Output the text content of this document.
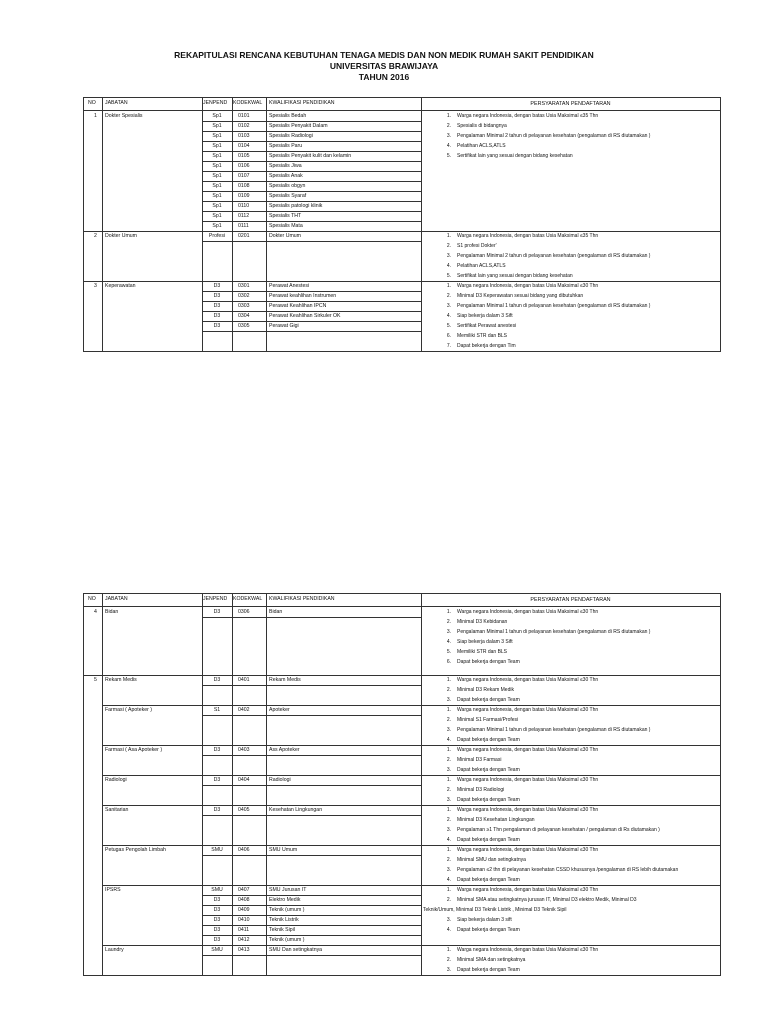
REKAPITULASI RENCANA KEBUTUHAN TENAGA MEDIS DAN NON MEDIK RUMAH SAKIT PENDIDIKAN
UNIVERSITAS BRAWIJAYA
TAHUN 2016
NO JABATAN	JENPEND KODEKWAL KWALIFIKASI PENDIDIKAN	PERSYARATAN PENDAFTARAN
1 Dokter Spesialis	Sp1	0101	Spesialis Bedah
Sp1	0102	Spesialis Penyakit Dalam
Sp1	0103	Spesialis Radiologi
Sp1	0104	Spesialis Paru
Sp1	0105	Spesialis Penyakit kulit dan kelamin
Sp1	0106	Spesialis Jiwa
Sp1	0107	Spesialis Anak
Sp1	0108	Spesialis obgyn
Sp1	0109	Spesialis Syaraf
Sp1	0110	Spesialis patologi klinik
Sp1	0112	Spesialis THT
Sp1	0111	Spesialis Mata
1. Warga negara Indonesia, dengan batas Usia Maksimal ≤35 Thn
2. Spesialis di bidangnya
3. Pengalaman Minimal 2 tahun di pelayanan kesehatan (pengalaman di RS diutamakan )
4. Pelatihan ACLS,ATLS
5. Sertifikat lain yang sesuai dengan bidang kesehatan
2 Dokter Umum	Profesi	0201	Dokter Umum	1. Warga negara Indonesia, dengan batas Usia Maksimal ≤35 Thn
2. S1 profesi Dokter'
3. Pengalaman Minimal 2 tahun di pelayanan kesehatan (pengalaman di RS diutamakan )
4. Pelatihan ACLS,ATLS
5. Sertifikat lain yang sesuai dengan bidang kesehatan
3 Keperawatan	D3	0301	Perawat Anestesi
D3	0302	Perawat keahlihan Instrumen
D3	0303	Perawat Keahlihan IPCN
D3	0304	Perawat Keahlihan Sirkuler OK
D3	0305	Perawat Gigi
1. Warga negara Indonesia, dengan batas Usia Maksimal ≤30 Thn
2. Minimal D3 Keperawatan sesuai bidang yang dibutuhkan
3. Pengalaman Minimal 1 tahun di pelayanan kesehatan (pengalaman di RS diutamakan )
4. Siap bekerja dalam 3 Sift
5. Sertifikat Perawat anestesi
6. Memiliki STR dan BLS
7. Dapat bekerja dengan Tim
NO JABATAN	JENPEND KODEKWAL KWALIFIKASI PENDIDIKAN	PERSYARATAN PENDAFTARAN
4 Bidan	D3	0306	Bidan	1. Warga negara Indonesia, dengan batas Usia Maksimal ≤30 Thn
2. Minimal D3 Kebidanan
3. Pengalaman Minimal 1 tahun di pelayanan kesehatan (pengalaman di RS diutamakan )
4. Siap bekerja dalam 3 Sift
5. Memiliki STR dan BLS
6. Dapat bekerja dengan Team
5 Rekam Medis	D3	0401	Rekam Medis	1. Warga negara Indonesia, dengan batas Usia Maksimal ≤30 Thn
2. Minimal D3 Rekam Medik
3. Dapat bekerja dengan Team
Farmasi ( Apoteker )	S1	0402	Apoteker	1. Warga negara Indonesia, dengan batas Usia Maksimal ≤30 Thn
2. Minimal S1 Farmasi/Profesi
3. Pengalaman Minimal 1 tahun di pelayanan kesehatan (pengalaman di RS diutamakan )
4. Dapat bekerja dengan Team
Farmasi ( Asa Apoteker )	D3	0403	Ass Apoteker	1. Warga negara Indonesia, dengan batas Usia Maksimal ≤30 Thn
2. Minimal D3 Farmasi
3. Dapat bekerja dengan Team
Radiologi	D3	0404	Radiologi	1. Warga negara Indonesia, dengan batas Usia Maksimal ≤30 Thn
2. Minimal D3 Radiologi
3. Dapat bekerja dengan Team
Sanitarian	D3	0405	Kesehatan Lingkungan	1. Warga negara Indonesia, dengan batas Usia Maksimal ≤30 Thn
2. Minimal D3 Kesehatan Lingkungan
3. Pengalaman ≥1 Thn pengalaman di pelayanan kesehatan / pengalaman di Rs diutamakan )
4. Dapat bekerja dengan Team
Petugas Pengolah Limbah	SMU	0406	SMU Umum	1. Warga negara Indonesia, dengan batas Usia Maksimal ≤30 Thn
2. Minimal SMU dan setingkatnya
3. Pengalaman ≤2 thn di pelayanan kesehatan CSSD khususnya /pengalaman di RS lebih diutamakan
4. Dapat bekerja dengan Team
IPSRS	SMU	0407	SMU Jurusan IT
D3	0408	Elektro Medik
D3	0409	Teknik (umum )
D3	0410	Teknik Listrik
D3	0411	Teknik Sipil
D3	0412	Teknik (umum )
1. Warga negara Indonesia, dengan batas Usia Maksimal ≤30 Thn
2. Minimal SMA atau setingkatnya jurusan IT, Minimal D3 elektro Medik, Minimal D3
Teknik/Umum, Minimal D3 Teknik Listrik , Minimal D3 Teknik Sipil
3. Siap bekerja dalam 3 sift
4. Dapat bekerja dengan Team
Laundry	SMU	0413	SMU Dan setingkatnya	1. Warga negara Indonesia, dengan batas Usia Maksimal ≤30 Thn
2. Minimal SMA dan setingkatnya
3. Dapat bekerja dengan Team
